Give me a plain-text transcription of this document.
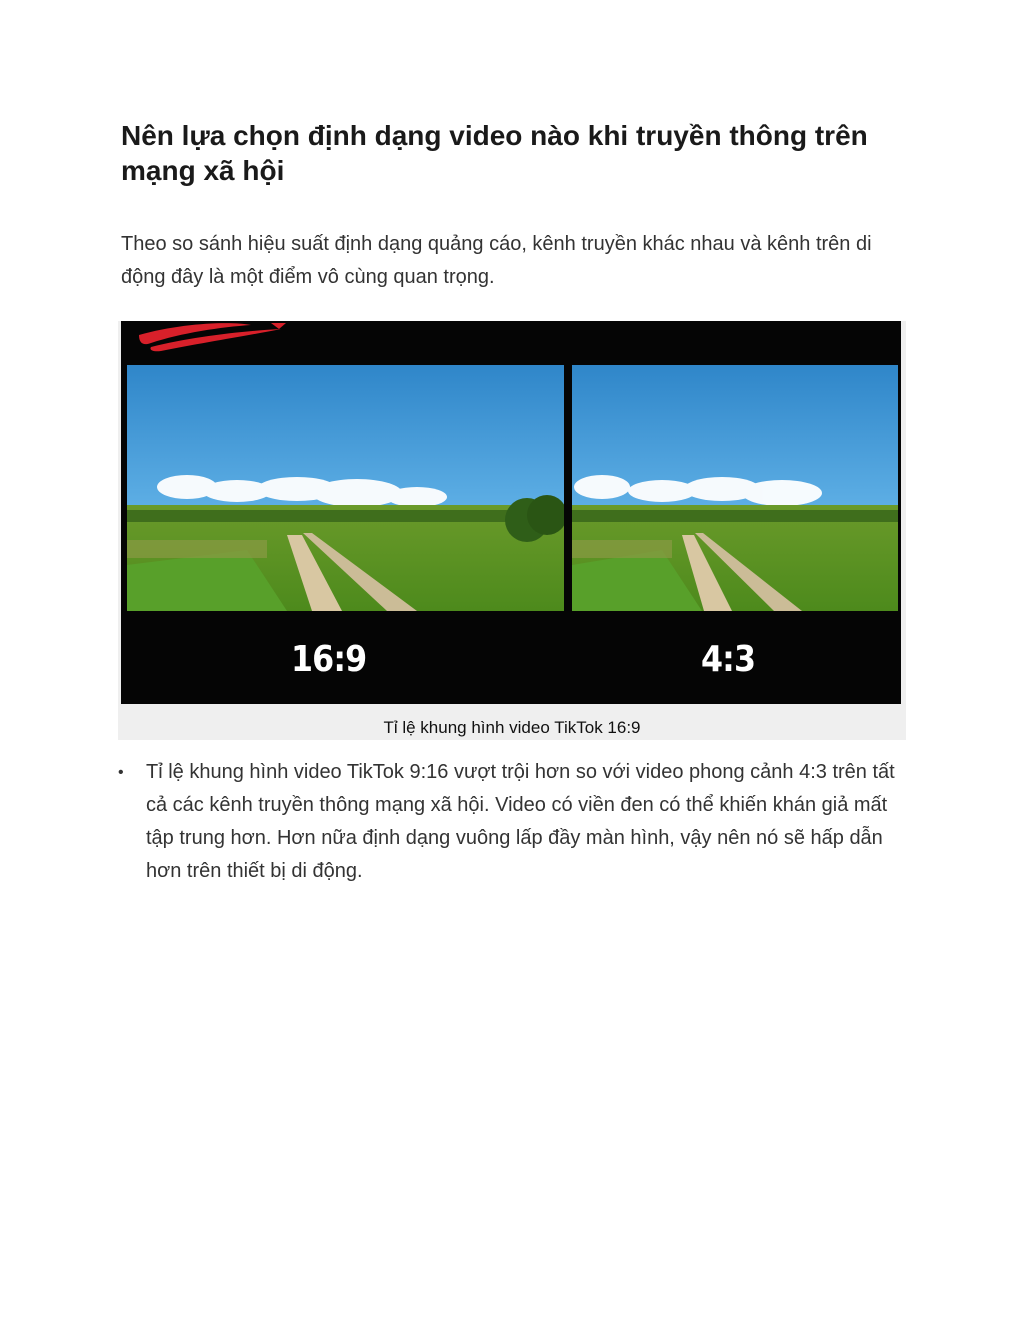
Nên lựa chọn định dạng video nào khi truyền thông trên mạng xã hội

Theo so sánh hiệu suất định dạng quảng cáo, kênh truyền khác nhau và kênh trên di động đây là một điểm vô cùng quan trọng.

16:9	4:3
Tỉ lệ khung hình video TikTok 16:9
• Tỉ lệ khung hình video TikTok 9:16 vượt trội hơn so với video phong cảnh 4:3 trên tất cả các kênh truyền thông mạng xã hội. Video có viền đen có thể khiến khán giả mất tập trung hơn. Hơn nữa định dạng vuông lấp đầy màn hình, vậy nên nó sẽ hấp dẫn hơn trên thiết bị di động.
